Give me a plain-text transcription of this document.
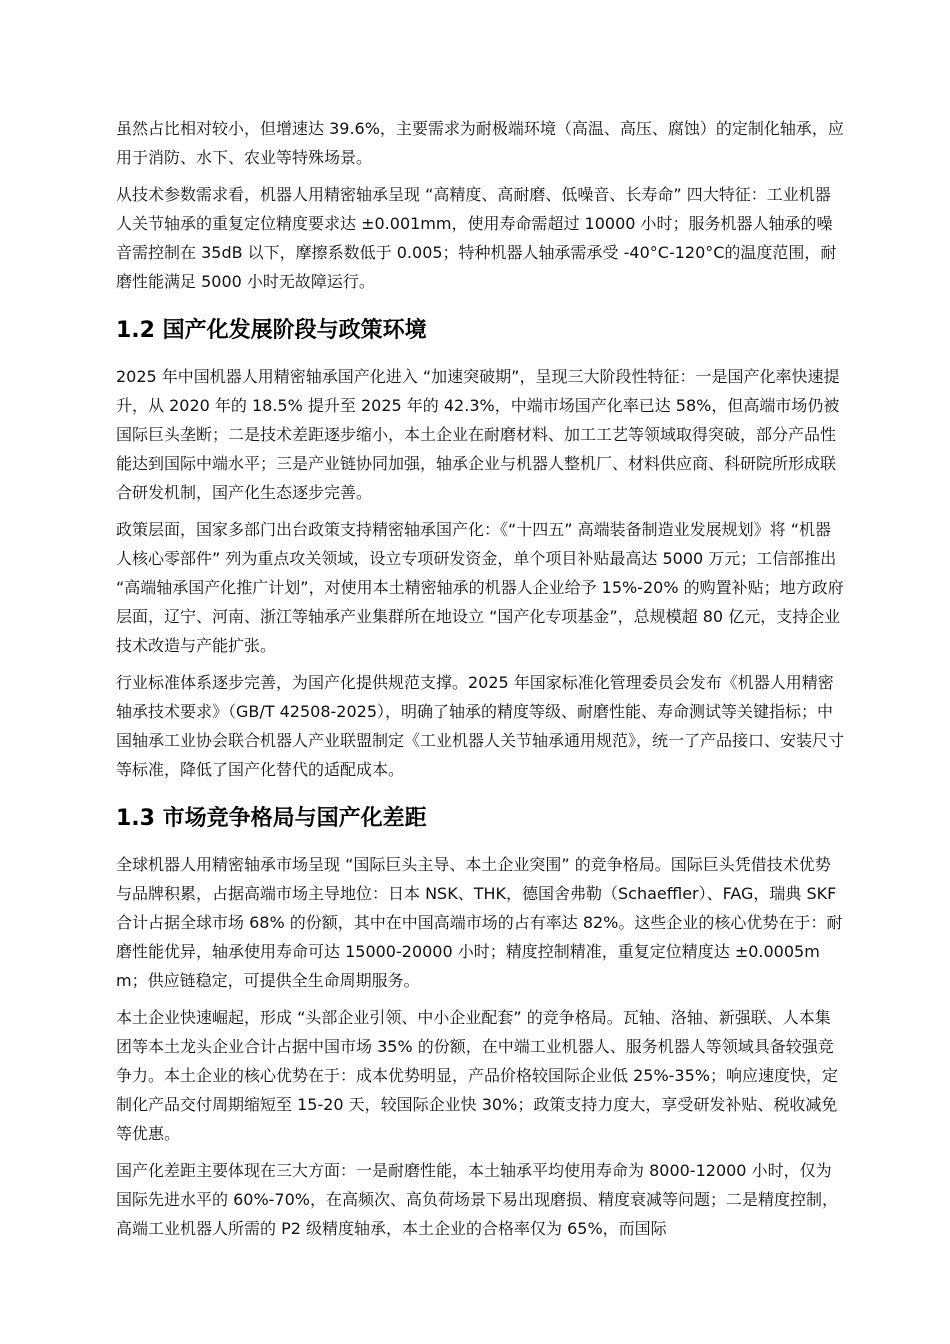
虽然占比相对较小，但增速达 39.6%，主要需求为耐极端环境（高温、高压、腐蚀）的定制化轴承，应用于消防、水下、农业等特殊场景。

从技术参数需求看，机器人用精密轴承呈现 “高精度、高耐磨、低噪音、长寿命” 四大特征：工业机器人关节轴承的重复定位精度要求达 ±0.001mm，使用寿命需超过 10000 小时；服务机器人轴承的噪音需控制在 35dB 以下，摩擦系数低于 0.005；特种机器人轴承需承受 -40°C-120°C的温度范围，耐磨性能满足 5000 小时无故障运行。

1.2 国产化发展阶段与政策环境

2025 年中国机器人用精密轴承国产化进入 “加速突破期”，呈现三大阶段性特征：一是国产化率快速提升，从 2020 年的 18.5% 提升至 2025 年的 42.3%，中端市场国产化率已达 58%，但高端市场仍被国际巨头垄断；二是技术差距逐步缩小，本土企业在耐磨材料、加工工艺等领域取得突破，部分产品性能达到国际中端水平；三是产业链协同加强，轴承企业与机器人整机厂、材料供应商、科研院所形成联合研发机制，国产化生态逐步完善。

政策层面，国家多部门出台政策支持精密轴承国产化：《“十四五” 高端装备制造业发展规划》将 “机器人核心零部件” 列为重点攻关领域，设立专项研发资金，单个项目补贴最高达 5000 万元；工信部推出 “高端轴承国产化推广计划”，对使用本土精密轴承的机器人企业给予 15%-20% 的购置补贴；地方政府层面，辽宁、河南、浙江等轴承产业集群所在地设立 “国产化专项基金”，总规模超 80 亿元，支持企业技术改造与产能扩张。

行业标准体系逐步完善，为国产化提供规范支撑。2025 年国家标准化管理委员会发布《机器人用精密轴承技术要求》（GB/T 42508-2025），明确了轴承的精度等级、耐磨性能、寿命测试等关键指标；中国轴承工业协会联合机器人产业联盟制定《工业机器人关节轴承通用规范》，统一了产品接口、安装尺寸等标准，降低了国产化替代的适配成本。

1.3 市场竞争格局与国产化差距

全球机器人用精密轴承市场呈现 “国际巨头主导、本土企业突围” 的竞争格局。国际巨头凭借技术优势与品牌积累，占据高端市场主导地位：日本 NSK、THK，德国舍弗勒（Schaeffler）、FAG，瑞典 SKF 合计占据全球市场 68% 的份额，其中在中国高端市场的占有率达 82%。这些企业的核心优势在于：耐磨性能优异，轴承使用寿命可达 15000-20000 小时；精度控制精准，重复定位精度达 ±0.0005mm；供应链稳定，可提供全生命周期服务。

本土企业快速崛起，形成 “头部企业引领、中小企业配套” 的竞争格局。瓦轴、洛轴、新强联、人本集团等本土龙头企业合计占据中国市场 35% 的份额，在中端工业机器人、服务机器人等领域具备较强竞争力。本土企业的核心优势在于：成本优势明显，产品价格较国际企业低 25%-35%；响应速度快，定制化产品交付周期缩短至 15-20 天，较国际企业快 30%；政策支持力度大，享受研发补贴、税收减免等优惠。

国产化差距主要体现在三大方面：一是耐磨性能，本土轴承平均使用寿命为 8000-12000 小时，仅为国际先进水平的 60%-70%，在高频次、高负荷场景下易出现磨损、精度衰减等问题；二是精度控制，高端工业机器人所需的 P2 级精度轴承，本土企业的合格率仅为 65%，而国际
